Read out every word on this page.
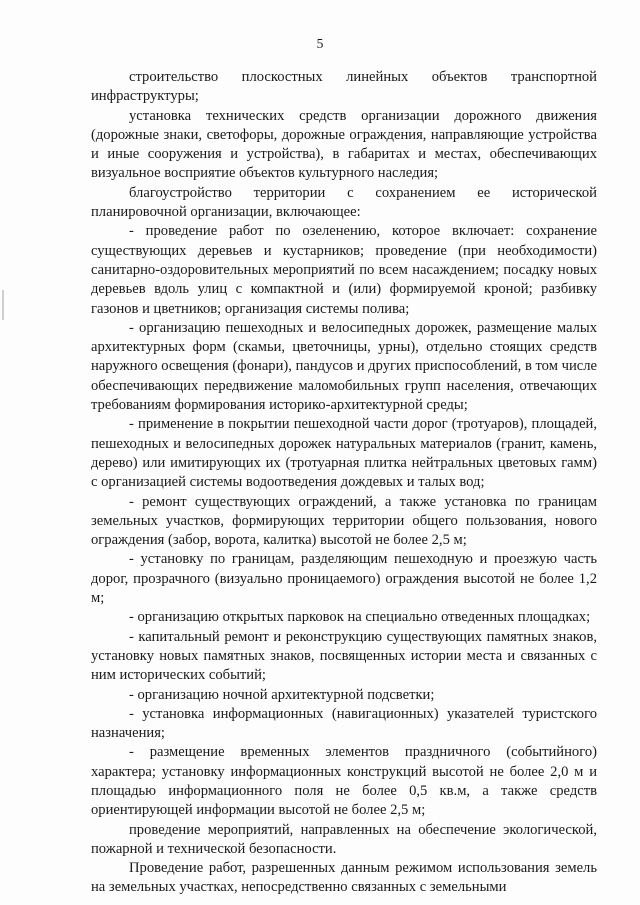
5

строительство плоскостных линейных объектов транспортной инфраструктуры;

установка технических средств организации дорожного движения (дорожные знаки, светофоры, дорожные ограждения, направляющие устройства и иные сооружения и устройства), в габаритах и местах, обеспечивающих визуальное восприятие объектов культурного наследия;

благоустройство территории с сохранением ее исторической планировочной организации, включающее:

- проведение работ по озеленению, которое включает: сохранение существующих деревьев и кустарников; проведение (при необходимости) санитарно-оздоровительных мероприятий по всем насаждением; посадку новых деревьев вдоль улиц с компактной и (или) формируемой кроной; разбивку газонов и цветников; организация системы полива;

- организацию пешеходных и велосипедных дорожек, размещение малых архитектурных форм (скамьи, цветочницы, урны), отдельно стоящих средств наружного освещения (фонари), пандусов и других приспособлений, в том числе обеспечивающих передвижение маломобильных групп населения, отвечающих требованиям формирования историко-архитектурной среды;

- применение в покрытии пешеходной части дорог (тротуаров), площадей, пешеходных и велосипедных дорожек натуральных материалов (гранит, камень, дерево) или имитирующих их (тротуарная плитка нейтральных цветовых гамм) с организацией системы водоотведения дождевых и талых вод;

- ремонт существующих ограждений, а также установка по границам земельных участков, формирующих территории общего пользования, нового ограждения (забор, ворота, калитка) высотой не более 2,5 м;

- установку по границам, разделяющим пешеходную и проезжую часть дорог, прозрачного (визуально проницаемого) ограждения высотой не более 1,2 м;

- организацию открытых парковок на специально отведенных площадках;

- капитальный ремонт и реконструкцию существующих памятных знаков, установку новых памятных знаков, посвященных истории места и связанных с ним исторических событий;

- организацию ночной архитектурной подсветки;

- установка информационных (навигационных) указателей туристского назначения;

- размещение временных элементов праздничного (событийного) характера; установку информационных конструкций высотой не более 2,0 м и площадью информационного поля не более 0,5 кв.м, а также средств ориентирующей информации высотой не более 2,5 м;

проведение мероприятий, направленных на обеспечение экологической, пожарной и технической безопасности.

Проведение работ, разрешенных данным режимом использования земель на земельных участках, непосредственно связанных с земельными
